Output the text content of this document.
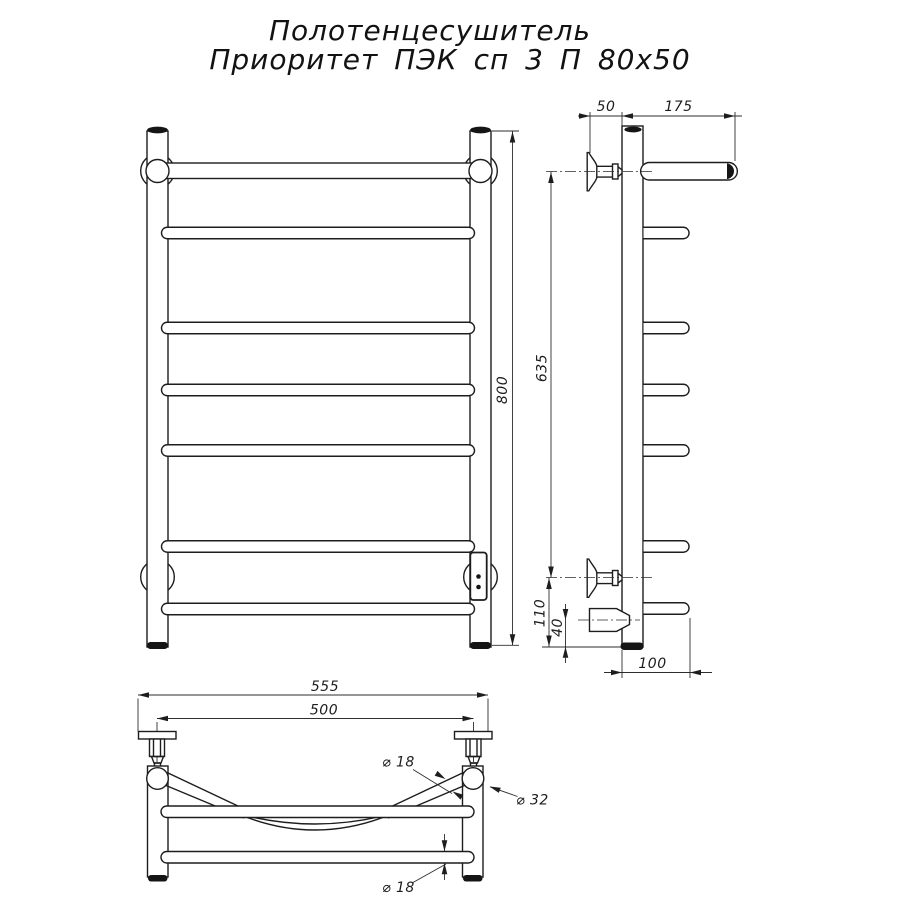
Полотенцесушитель
Приоритет ПЭК сп 3 П 80x50
800
50	175
635
110
40
100
555
500
⌀ 18
⌀ 32
⌀ 18
